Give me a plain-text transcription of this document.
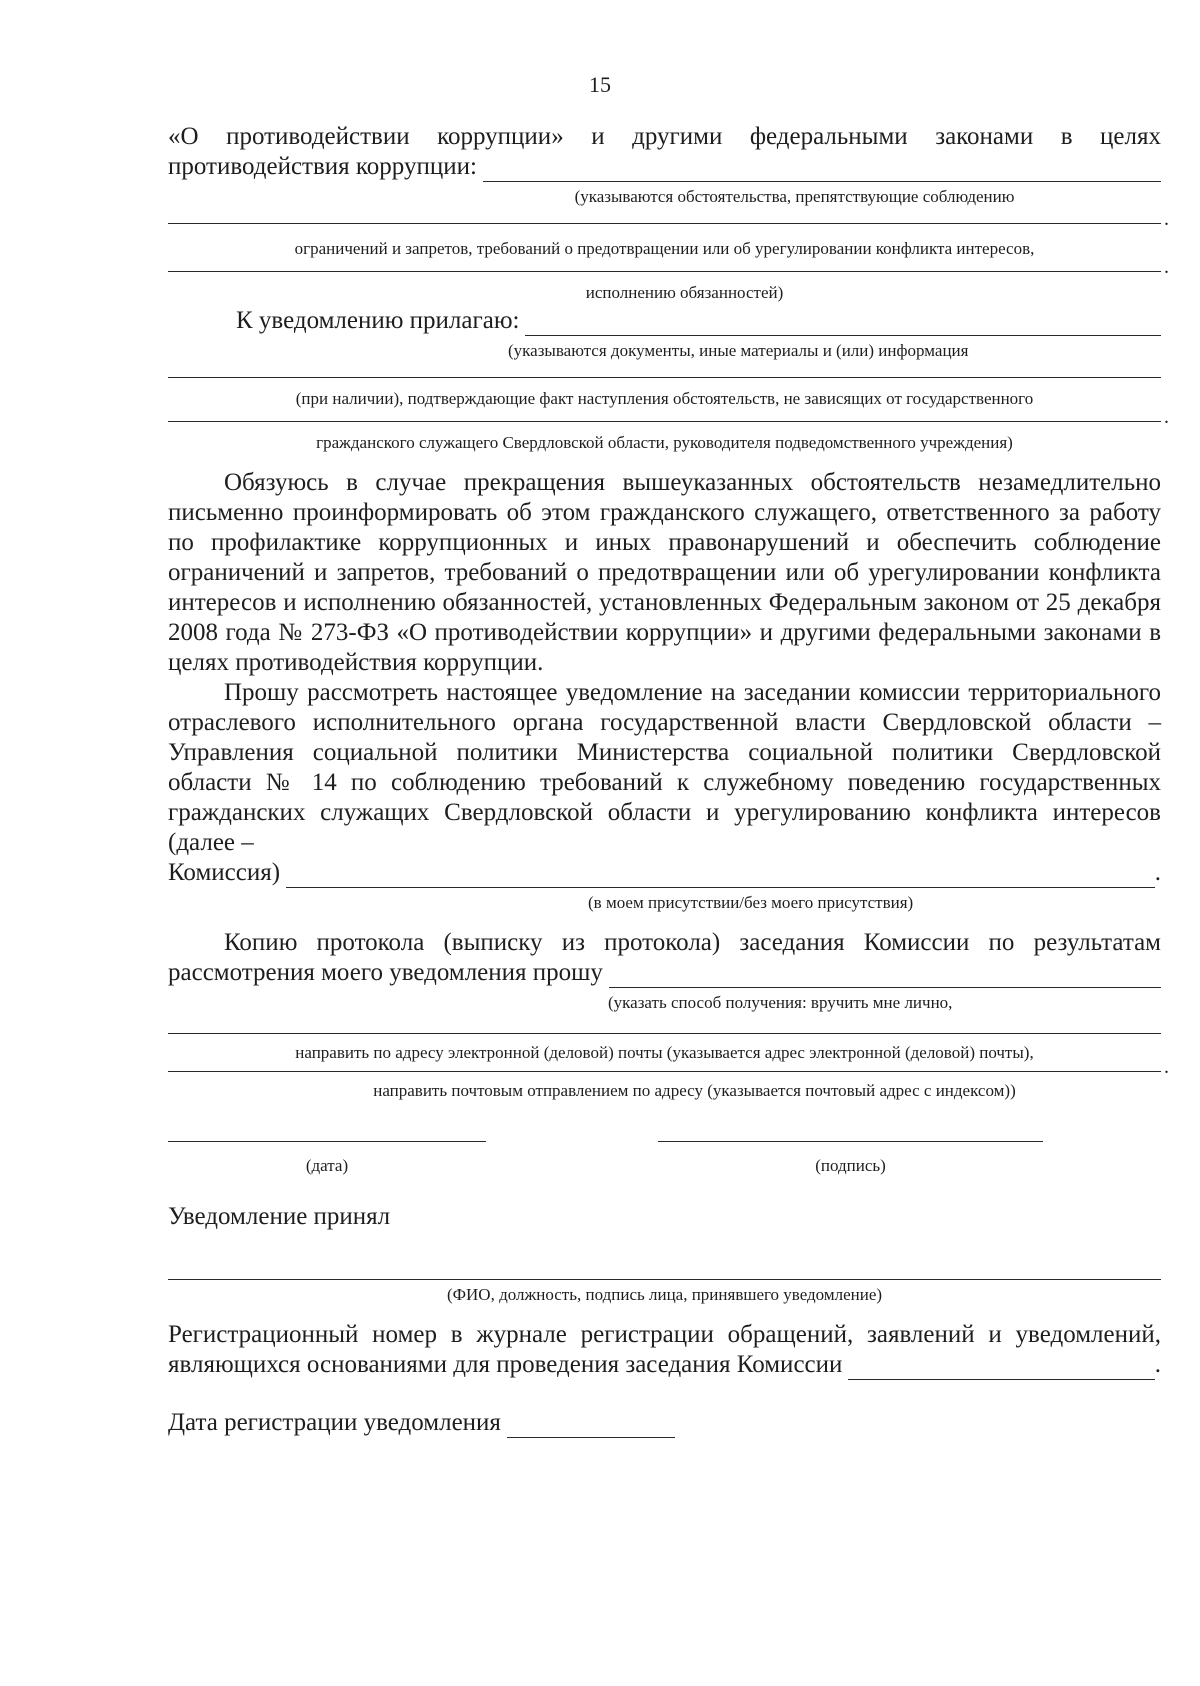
15
«О противодействии коррупции» и другими федеральными законами в целях
противодействия коррупции:
(указываются обстоятельства, препятствующие соблюдению
.
ограничений и запретов, требований о предотвращении или об урегулировании конфликта интересов,
.
исполнению обязанностей)
К уведомлению прилагаю:
(указываются документы, иные материалы и (или) информация
(при наличии), подтверждающие факт наступления обстоятельств, не зависящих от государственного
.
гражданского служащего Свердловской области, руководителя подведомственного учреждения)
Обязуюсь в случае прекращения вышеуказанных обстоятельств незамедлительно письменно проинформировать об этом гражданского служащего, ответственного за работу по профилактике коррупционных и иных правонарушений и обеспечить соблюдение ограничений и запретов, требований о предотвращении или об урегулировании конфликта интересов и исполнению обязанностей, установленных Федеральным законом от 25 декабря 2008 года № 273-ФЗ «О противодействии коррупции» и другими федеральными законами в целях противодействия коррупции.
Прошу рассмотреть настоящее уведомление на заседании комиссии территориального отраслевого исполнительного органа государственной власти Свердловской области – Управления социальной политики Министерства социальной политики Свердловской области № 14 по соблюдению требований к служебному поведению государственных гражданских служащих Свердловской области и урегулированию конфликта интересов (далее –
Комиссия)	.
(в моем присутствии/без моего присутствия)
Копию протокола (выписку из протокола) заседания Комиссии по результатам
рассмотрения моего уведомления прошу
(указать способ получения: вручить мне лично,
направить по адресу электронной (деловой) почты (указывается адрес электронной (деловой) почты),
.
направить почтовым отправлением по адресу (указывается почтовый адрес с индексом))
(дата)	(подпись)
Уведомление принял
(ФИО, должность, подпись лица, принявшего уведомление)
Регистрационный номер в журнале регистрации обращений, заявлений и уведомлений,
являющихся основаниями для проведения заседания Комиссии	.
Дата регистрации уведомления
